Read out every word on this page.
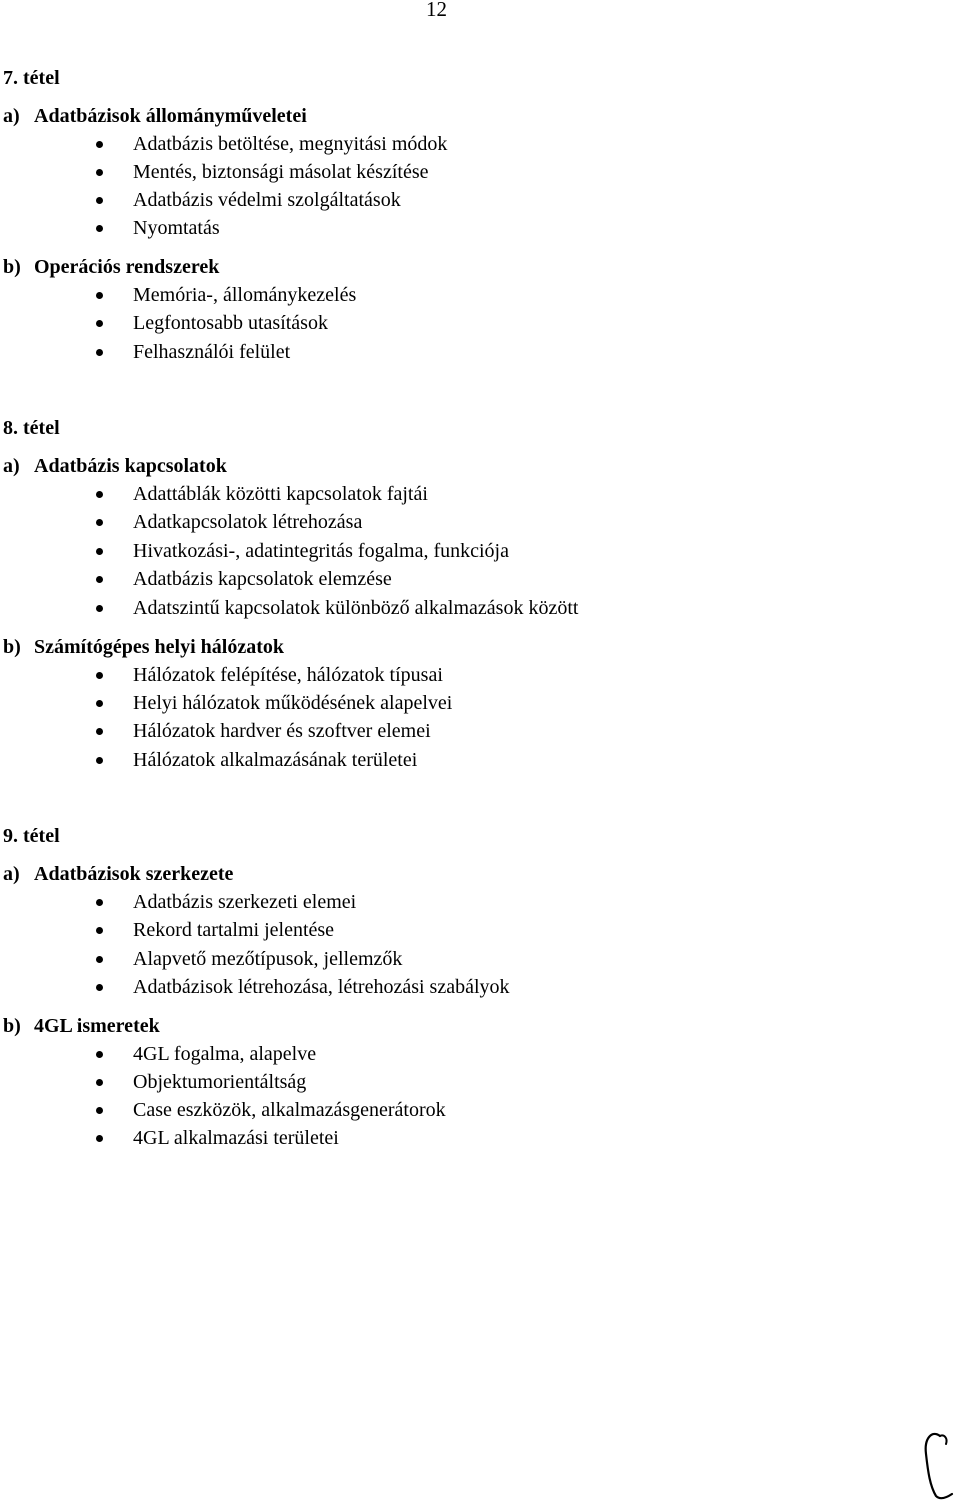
12
7. tétel
a) Adatbázisok állományműveletei
Adatbázis betöltése, megnyitási módok
Mentés, biztonsági másolat készítése
Adatbázis védelmi szolgáltatások
Nyomtatás
b) Operációs rendszerek
Memória-, állománykezelés
Legfontosabb utasítások
Felhasználói felület
8. tétel
a) Adatbázis kapcsolatok
Adattáblák közötti kapcsolatok fajtái
Adatkapcsolatok létrehozása
Hivatkozási-, adatintegritás fogalma, funkciója
Adatbázis kapcsolatok elemzése
Adatszintű kapcsolatok különböző alkalmazások között
b) Számítógépes helyi hálózatok
Hálózatok felépítése, hálózatok típusai
Helyi hálózatok működésének alapelvei
Hálózatok hardver és szoftver elemei
Hálózatok alkalmazásának területei
9. tétel
a) Adatbázisok szerkezete
Adatbázis szerkezeti elemei
Rekord tartalmi jelentése
Alapvető mezőtípusok, jellemzők
Adatbázisok létrehozása, létrehozási szabályok
b) 4GL ismeretek
4GL fogalma, alapelve
Objektumorientáltság
Case eszközök, alkalmazásgenerátorok
4GL alkalmazási területei
